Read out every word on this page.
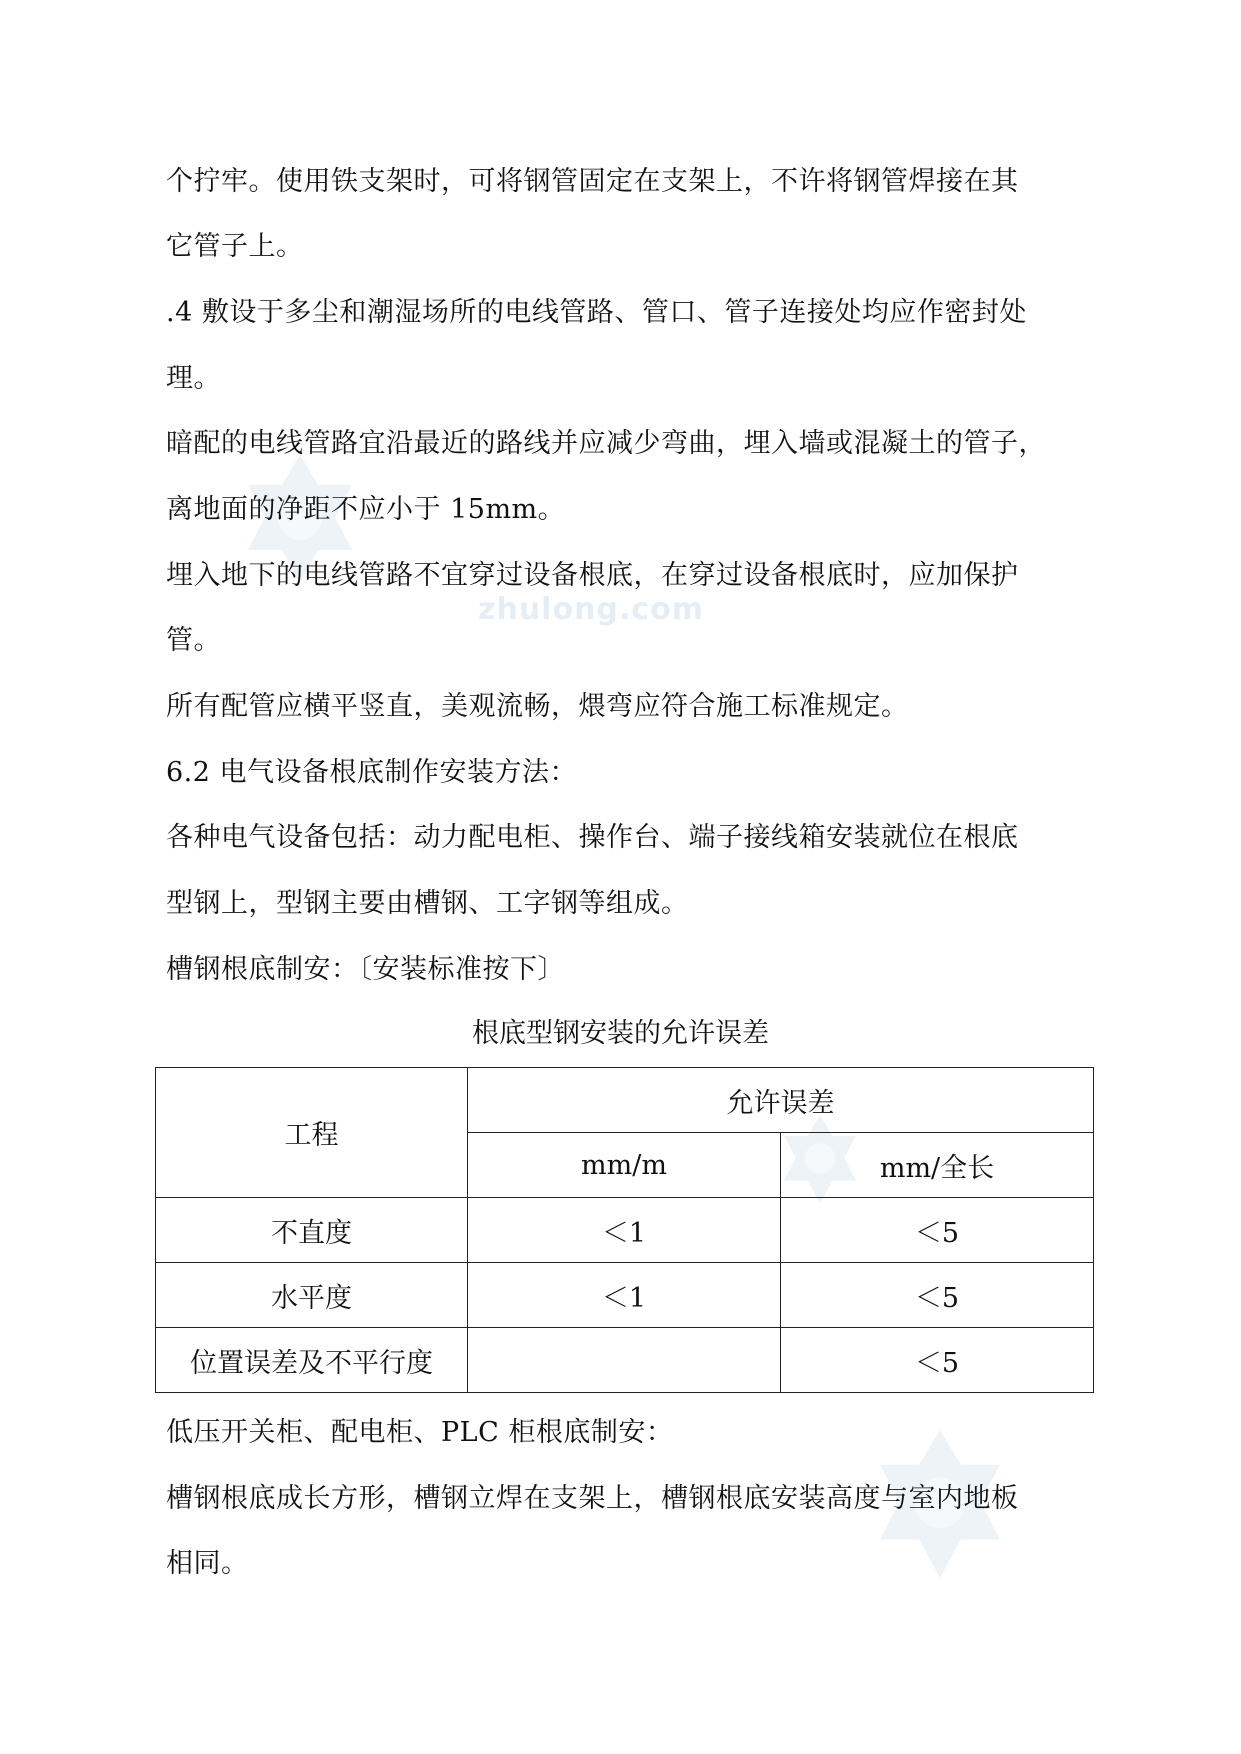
zhulong.com
个拧牢。使用铁支架时，可将钢管固定在支架上，不许将钢管焊接在其
它管子上。
.4 敷设于多尘和潮湿场所的电线管路、管口、管子连接处均应作密封处
理。
暗配的电线管路宜沿最近的路线并应减少弯曲，埋入墙或混凝土的管子，
离地面的净距不应小于 15mm。
埋入地下的电线管路不宜穿过设备根底，在穿过设备根底时，应加保护
管。
所有配管应横平竖直，美观流畅，煨弯应符合施工标准规定。
6.2 电气设备根底制作安装方法：
各种电气设备包括：动力配电柜、操作台、端子接线箱安装就位在根底
型钢上，型钢主要由槽钢、工字钢等组成。
槽钢根底制安：〔安装标准按下〕
根底型钢安装的允许误差
工程	允许误差	
	mm/m	mm/全长
不直度	＜1	＜5
水平度	＜1	＜5
位置误差及不平行度		＜5
低压开关柜、配电柜、PLC 柜根底制安：
槽钢根底成长方形，槽钢立焊在支架上，槽钢根底安装高度与室内地板
相同。
